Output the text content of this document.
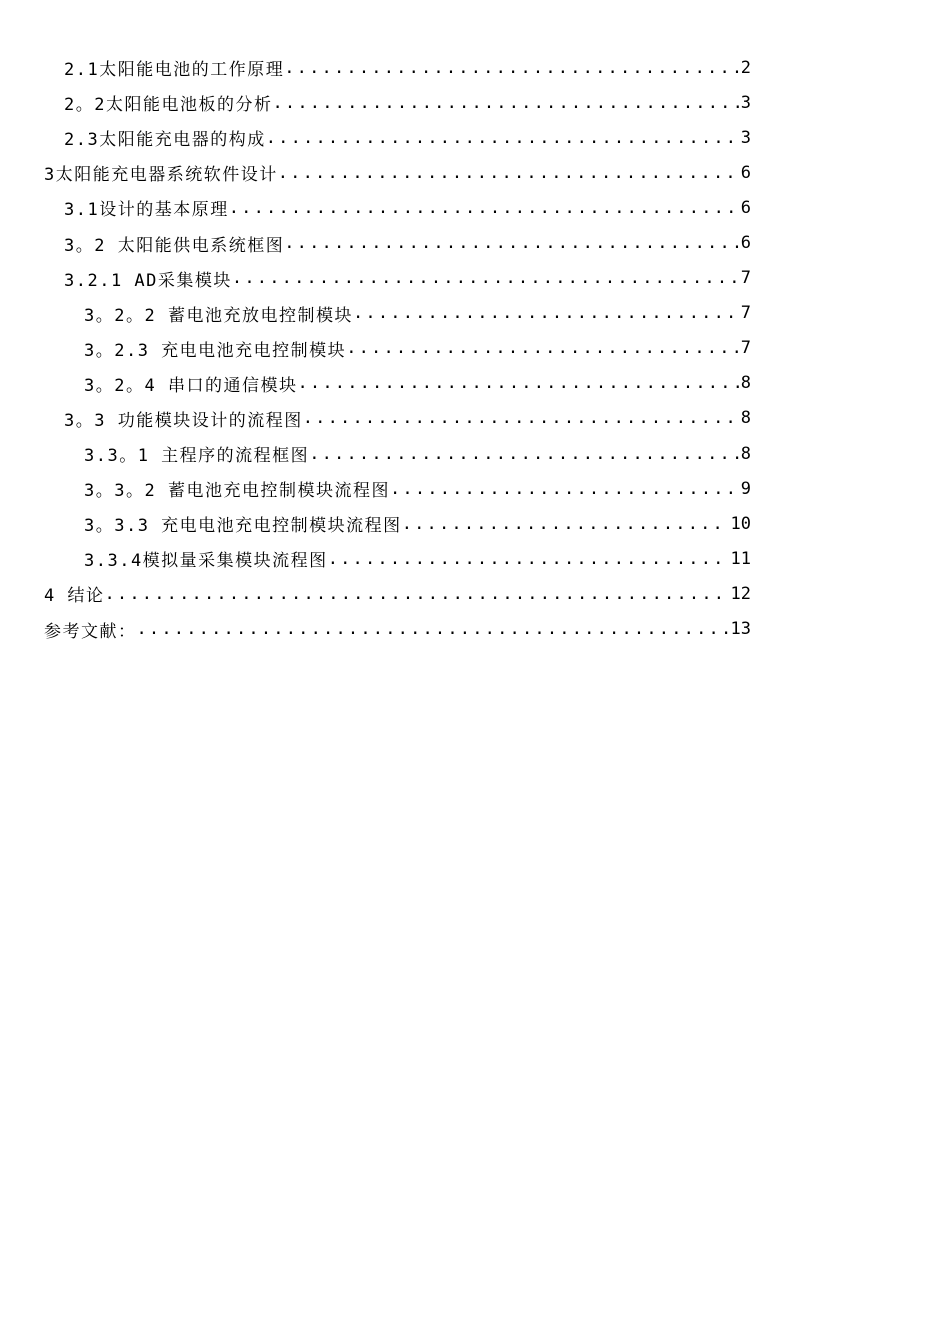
2.1太阳能电池的工作原理 .....	2
2。2太阳能电池板的分析 .....	3
2.3太阳能充电器的构成 .....	3
3太阳能充电器系统软件设计 .....	6
3.1设计的基本原理 .....	6
3。2 太阳能供电系统框图 .....	6
3.2.1 AD采集模块 .....	7
3。2。2 蓄电池充放电控制模块 .....	7
3。2.3 充电电池充电控制模块 .....	7
3。2。4 串口的通信模块 .....	8
3。3 功能模块设计的流程图 .....	8
3.3。1 主程序的流程框图 .....	8
3。3。2 蓄电池充电控制模块流程图 .....	9
3。3.3 充电电池充电控制模块流程图 .....	10
3.3.4模拟量采集模块流程图 .....	11
4 结论 .....	12
参考文献： .....	13
